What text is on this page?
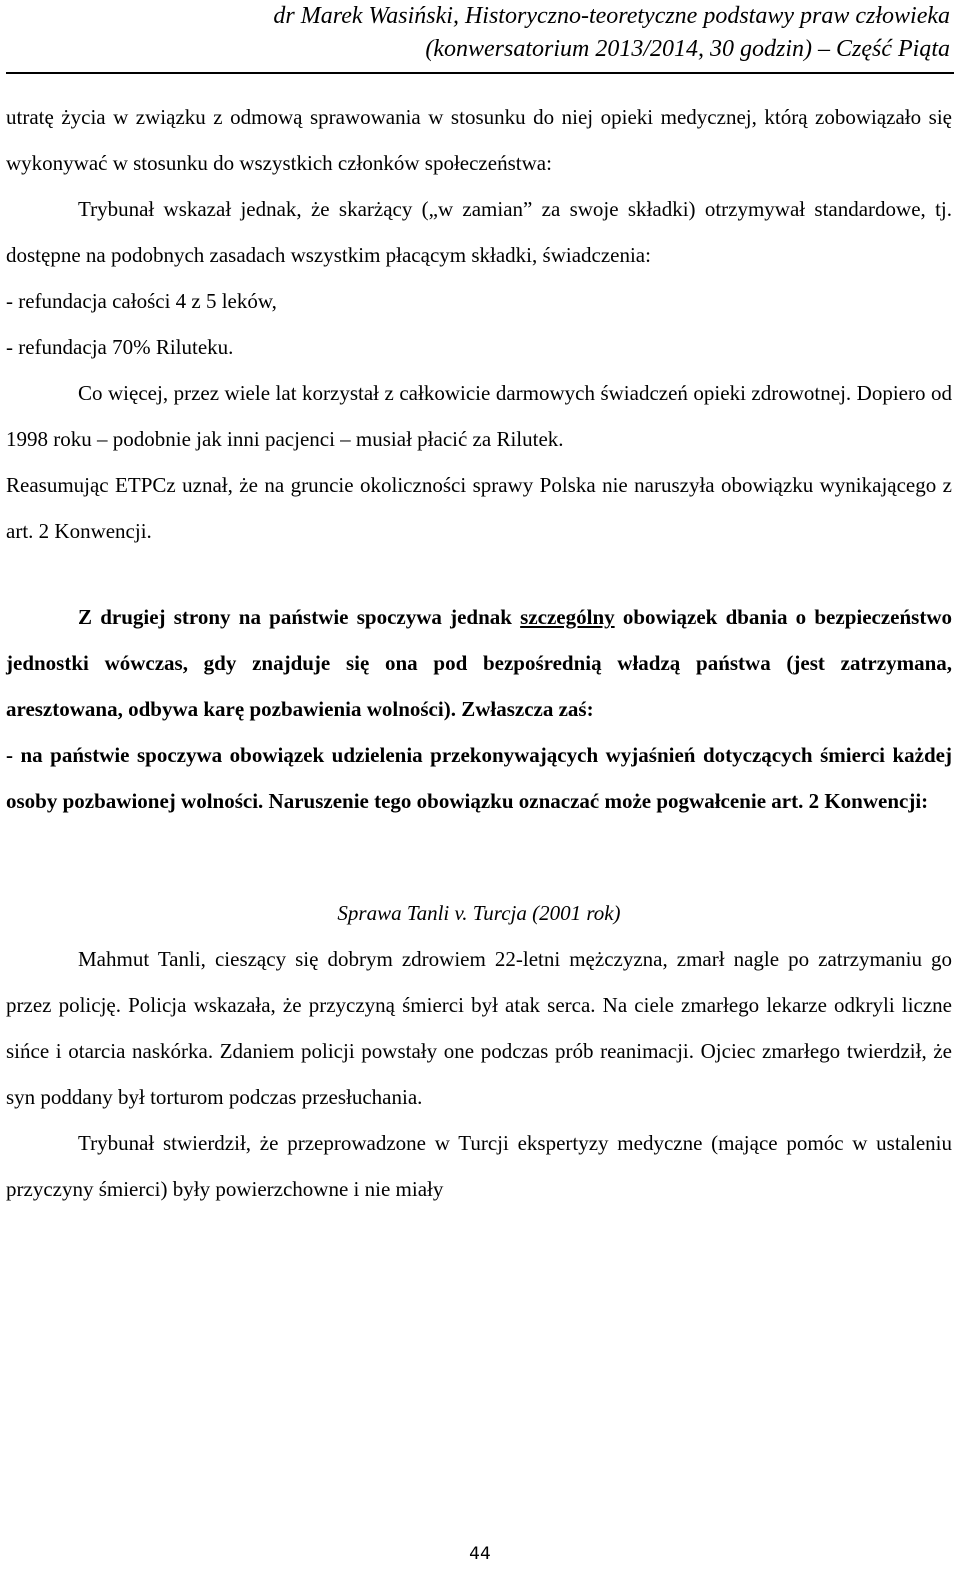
dr Marek Wasiński, Historyczno-teoretyczne podstawy praw człowieka
(konwersatorium 2013/2014, 30 godzin) – Część Piąta

utratę życia w związku z odmową sprawowania w stosunku do niej opieki medycznej, którą zobowiązało się wykonywać w stosunku do wszystkich członków społeczeństwa:

Trybunał wskazał jednak, że skarżący („w zamian” za swoje składki) otrzymywał standardowe, tj. dostępne na podobnych zasadach wszystkim płacącym składki, świadczenia:

- refundacja całości 4 z 5 leków,

- refundacja 70% Riluteku.

Co więcej, przez wiele lat korzystał z całkowicie darmowych świadczeń opieki zdrowotnej. Dopiero od 1998 roku – podobnie jak inni pacjenci – musiał płacić za Rilutek.

Reasumując ETPCz uznał, że na gruncie okoliczności sprawy Polska nie naruszyła obowiązku wynikającego z art. 2 Konwencji.

Z drugiej strony na państwie spoczywa jednak szczególny obowiązek dbania o bezpieczeństwo jednostki wówczas, gdy znajduje się ona pod bezpośrednią władzą państwa (jest zatrzymana, aresztowana, odbywa karę pozbawienia wolności). Zwłaszcza zaś:

- na państwie spoczywa obowiązek udzielenia przekonywających wyjaśnień dotyczących śmierci każdej osoby pozbawionej wolności. Naruszenie tego obowiązku oznaczać może pogwałcenie art. 2 Konwencji:

Sprawa Tanli v. Turcja (2001 rok)

Mahmut Tanli, cieszący się dobrym zdrowiem 22-letni mężczyzna, zmarł nagle po zatrzymaniu go przez policję. Policja wskazała, że przyczyną śmierci był atak serca. Na ciele zmarłego lekarze odkryli liczne sińce i otarcia naskórka. Zdaniem policji powstały one podczas prób reanimacji. Ojciec zmarłego twierdził, że syn poddany był torturom podczas przesłuchania.

Trybunał stwierdził, że przeprowadzone w Turcji ekspertyzy medyczne (mające pomóc w ustaleniu przyczyny śmierci) były powierzchowne i nie miały

44
